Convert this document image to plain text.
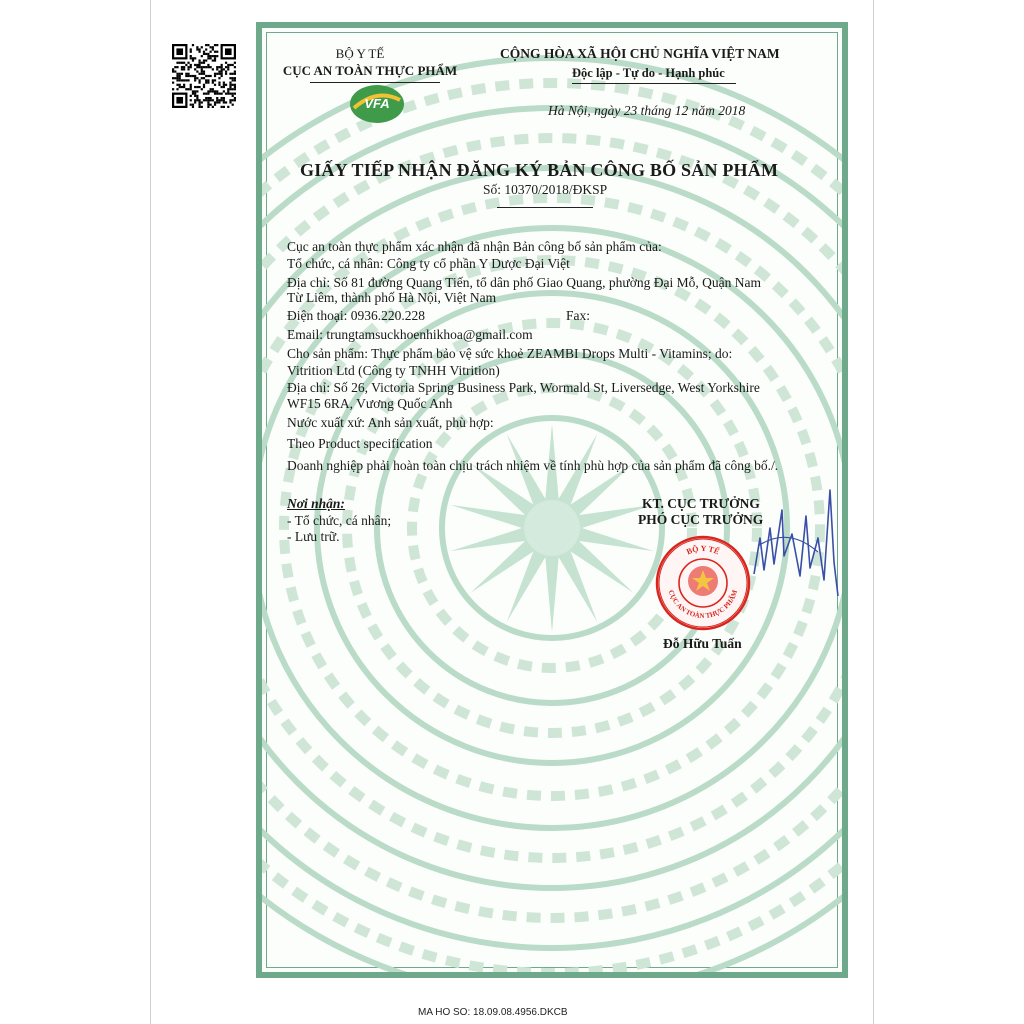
VFA
BỘ Y TẾ
CỤC AN TOÀN THỰC PHẨM
CỘNG HÒA XÃ HỘI CHỦ NGHĨA VIỆT NAM
Độc lập - Tự do - Hạnh phúc
Hà Nội, ngày 23 tháng 12 năm 2018
GIẤY TIẾP NHẬN ĐĂNG KÝ BẢN CÔNG BỐ SẢN PHẨM
Số: 10370/2018/ĐKSP
Cục an toàn thực phẩm xác nhận đã nhận Bản công bố sản phẩm của:
Tổ chức, cá nhân: Công ty cổ phần Y Dược Đại Việt
Địa chỉ: Số 81 đường Quang Tiến, tổ dân phố Giao Quang, phường Đại Mỗ, Quận Nam
Từ Liêm, thành phố Hà Nội, Việt Nam
Điện thoại: 0936.220.228	Fax:
Email: trungtamsuckhoenhikhoa@gmail.com
Cho sản phẩm: Thực phẩm bảo vệ sức khoẻ ZEAMBI Drops Multi - Vitamins; do:
Vitrition Ltd (Công ty TNHH Vitrition)
Địa chỉ: Số 26, Victoria Spring Business Park, Wormald St, Liversedge, West Yorkshire
WF15 6RA, Vương Quốc Anh
Nước xuất xứ: Anh sản xuất, phù hợp:
Theo Product specification
Doanh nghiệp phải hoàn toàn chịu trách nhiệm về tính phù hợp của sản phẩm đã công bố./.
Nơi nhận:
- Tổ chức, cá nhân;
- Lưu trữ.
KT. CỤC TRƯỞNG
PHÓ CỤC TRƯỞNG
BỘ Y TẾ
CỤC AN TOÀN THỰC PHẨM
Đỗ Hữu Tuấn
MA HO SO: 18.09.08.4956.DKCB
